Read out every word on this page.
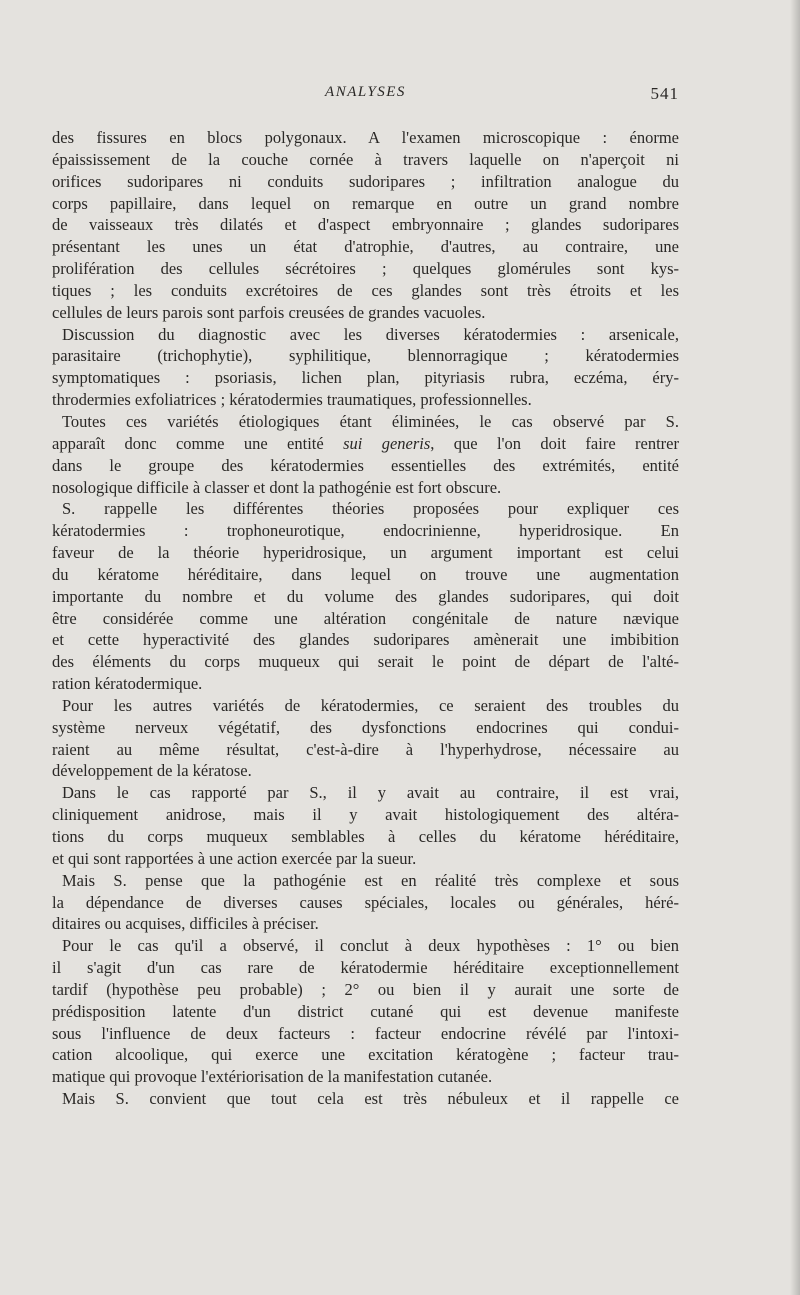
ANALYSES	541
des fissures en blocs polygonaux. A l'examen microscopique : énorme
épaississement de la couche cornée à travers laquelle on n'aperçoit ni
orifices sudoripares ni conduits sudoripares ; infiltration analogue du
corps papillaire, dans lequel on remarque en outre un grand nombre
de vaisseaux très dilatés et d'aspect embryonnaire ; glandes sudoripares
présentant les unes un état d'atrophie, d'autres, au contraire, une
prolifération des cellules sécrétoires ; quelques glomérules sont kys-
tiques ; les conduits excrétoires de ces glandes sont très étroits et les
cellules de leurs parois sont parfois creusées de grandes vacuoles.
Discussion du diagnostic avec les diverses kératodermies : arsenicale,
parasitaire (trichophytie), syphilitique, blennorragique ; kératodermies
symptomatiques : psoriasis, lichen plan, pityriasis rubra, eczéma, éry-
throdermies exfoliatrices ; kératodermies traumatiques, professionnelles.
Toutes ces variétés étiologiques étant éliminées, le cas observé par S.
apparaît donc comme une entité sui generis, que l'on doit faire rentrer
dans le groupe des kératodermies essentielles des extrémités, entité
nosologique difficile à classer et dont la pathogénie est fort obscure.
S. rappelle les différentes théories proposées pour expliquer ces
kératodermies : trophoneurotique, endocrinienne, hyperidrosique. En
faveur de la théorie hyperidrosique, un argument important est celui
du kératome héréditaire, dans lequel on trouve une augmentation
importante du nombre et du volume des glandes sudoripares, qui doit
être considérée comme une altération congénitale de nature nævique
et cette hyperactivité des glandes sudoripares amènerait une imbibition
des éléments du corps muqueux qui serait le point de départ de l'alté-
ration kératodermique.
Pour les autres variétés de kératodermies, ce seraient des troubles du
système nerveux végétatif, des dysfonctions endocrines qui condui-
raient au même résultat, c'est-à-dire à l'hyperhydrose, nécessaire au
développement de la kératose.
Dans le cas rapporté par S., il y avait au contraire, il est vrai,
cliniquement anidrose, mais il y avait histologiquement des altéra-
tions du corps muqueux semblables à celles du kératome héréditaire,
et qui sont rapportées à une action exercée par la sueur.
Mais S. pense que la pathogénie est en réalité très complexe et sous
la dépendance de diverses causes spéciales, locales ou générales, héré-
ditaires ou acquises, difficiles à préciser.
Pour le cas qu'il a observé, il conclut à deux hypothèses : 1° ou bien
il s'agit d'un cas rare de kératodermie héréditaire exceptionnellement
tardif (hypothèse peu probable) ; 2° ou bien il y aurait une sorte de
prédisposition latente d'un district cutané qui est devenue manifeste
sous l'influence de deux facteurs : facteur endocrine révélé par l'intoxi-
cation alcoolique, qui exerce une excitation kératogène ; facteur trau-
matique qui provoque l'extériorisation de la manifestation cutanée.
Mais S. convient que tout cela est très nébuleux et il rappelle ce
